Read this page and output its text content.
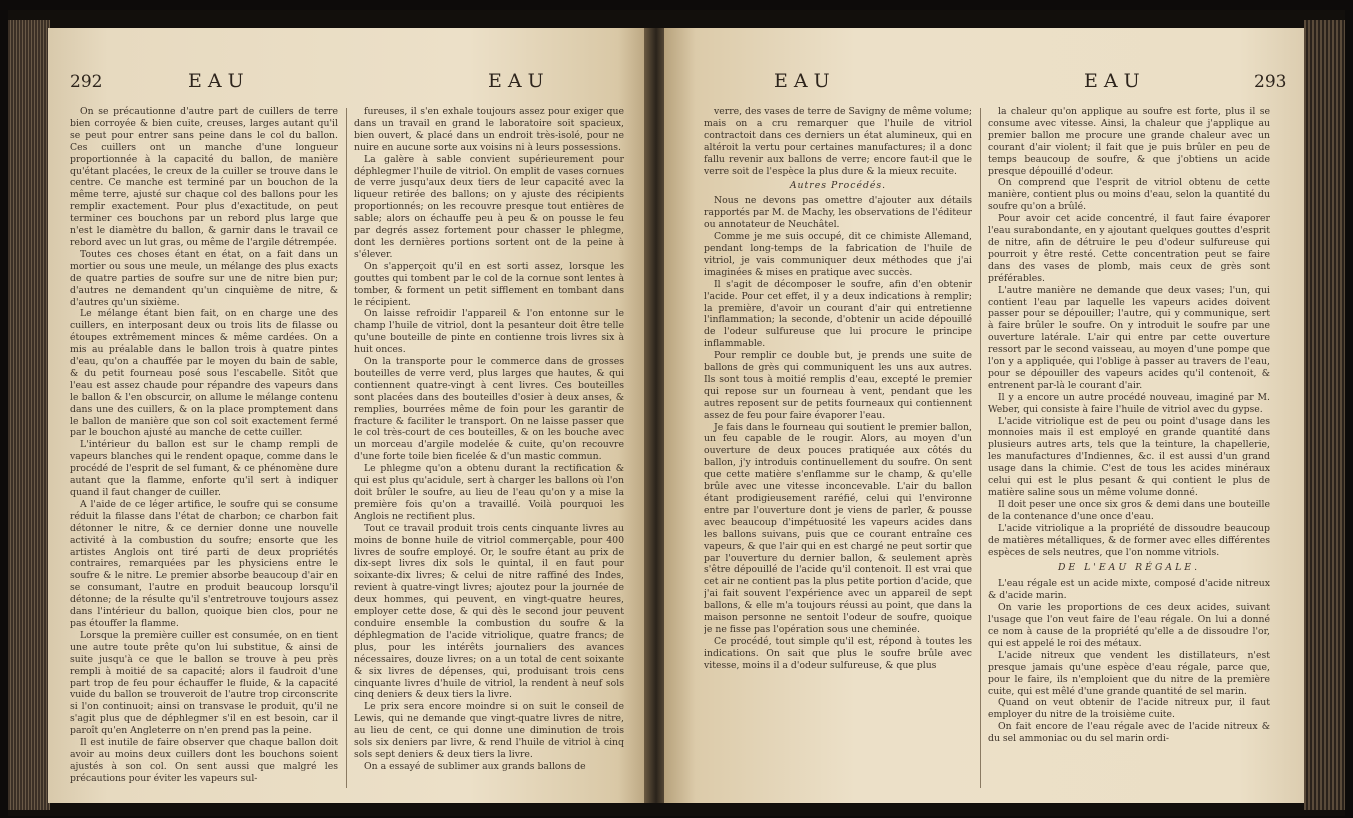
292	EAU	EAU

On se précautionne d'autre part de cuillers de terre bien corroyée & bien cuite, creuses, larges autant qu'il se peut pour entrer sans peine dans le col du ballon. Ces cuillers ont un manche d'une longueur proportionnée à la capacité du ballon, de manière qu'étant placées, le creux de la cuiller se trouve dans le centre. Ce manche est terminé par un bouchon de la même terre, ajusté sur chaque col des ballons pour les remplir exactement. Pour plus d'exactitude, on peut terminer ces bouchons par un rebord plus large que n'est le diamètre du ballon, & garnir dans le travail ce rebord avec un lut gras, ou même de l'argile détrempée.

Toutes ces choses étant en état, on a fait dans un mortier ou sous une meule, un mélange des plus exacts de quatre parties de soufre sur une de nitre bien pur; d'autres ne demandent qu'un cinquième de nitre, & d'autres qu'un sixième.

Le mélange étant bien fait, on en charge une des cuillers, en interposant deux ou trois lits de filasse ou étoupes extrêmement minces & même cardées. On a mis au préalable dans le ballon trois à quatre pintes d'eau, qu'on a chauffée par le moyen du bain de sable, & du petit fourneau posé sous l'escabelle. Sitôt que l'eau est assez chaude pour répandre des vapeurs dans le ballon & l'en obscurcir, on allume le mélange contenu dans une des cuillers, & on la place promptement dans le ballon de manière que son col soit exactement fermé par le bouchon ajusté au manche de cette cuiller.

L'intérieur du ballon est sur le champ rempli de vapeurs blanches qui le rendent opaque, comme dans le procédé de l'esprit de sel fumant, & ce phénomène dure autant que la flamme, enforte qu'il sert à indiquer quand il faut changer de cuiller.

A l'aide de ce léger artifice, le soufre qui se consume réduit la filasse dans l'état de charbon; ce charbon fait détonner le nitre, & ce dernier donne une nouvelle activité à la combustion du soufre; ensorte que les artistes Anglois ont tiré parti de deux propriétés contraires, remarquées par les physiciens entre le soufre & le nitre. Le premier absorbe beaucoup d'air en se consumant, l'autre en produit beaucoup lorsqu'il détonne; de la résulte qu'il s'entretrouve toujours assez dans l'intérieur du ballon, quoique bien clos, pour ne pas étouffer la flamme.

Lorsque la première cuiller est consumée, on en tient une autre toute prête qu'on lui substitue, & ainsi de suite jusqu'à ce que le ballon se trouve à peu près rempli à moitié de sa capacité; alors il faudroit d'une part trop de feu pour échauffer le fluide, & la capacité vuide du ballon se trouveroit de l'autre trop circonscrite si l'on continuoit; ainsi on transvase le produit, qu'il ne s'agit plus que de déphlegmer s'il en est besoin, car il paroît qu'en Angleterre on n'en prend pas la peine.

Il est inutile de faire observer que chaque ballon doit avoir au moins deux cuillers dont les bouchons soient ajustés à son col. On sent aussi que malgré les précautions pour éviter les vapeurs sul-

fureuses, il s'en exhale toujours assez pour exiger que dans un travail en grand le laboratoire soit spacieux, bien ouvert, & placé dans un endroit très-isolé, pour ne nuire en aucune sorte aux voisins ni à leurs possessions.

La galère à sable convient supérieurement pour déphlegmer l'huile de vitriol. On emplit de vases cornues de verre jusqu'aux deux tiers de leur capacité avec la liqueur retirée des ballons; on y ajuste des récipients proportionnés; on les recouvre presque tout entières de sable; alors on échauffe peu à peu & on pousse le feu par degrés assez fortement pour chasser le phlegme, dont les dernières portions sortent ont de la peine à s'élever.

On s'apperçoit qu'il en est sorti assez, lorsque les gouttes qui tombent par le col de la cornue sont lentes à tomber, & forment un petit sifflement en tombant dans le récipient.

On laisse refroidir l'appareil & l'on entonne sur le champ l'huile de vitriol, dont la pesanteur doit être telle qu'une bouteille de pinte en contienne trois livres six à huit onces.

On la transporte pour le commerce dans de grosses bouteilles de verre verd, plus larges que hautes, & qui contiennent quatre-vingt à cent livres. Ces bouteilles sont placées dans des bouteilles d'osier à deux anses, & remplies, bourrées même de foin pour les garantir de fracture & faciliter le transport. On ne laisse passer que le col très-court de ces bouteilles, & on les bouche avec un morceau d'argile modelée & cuite, qu'on recouvre d'une forte toile bien ficelée & d'un mastic commun.

Le phlegme qu'on a obtenu durant la rectification & qui est plus qu'acidule, sert à charger les ballons où l'on doit brûler le soufre, au lieu de l'eau qu'on y a mise la première fois qu'on a travaillé. Voilà pourquoi les Anglois ne rectifient plus.

Tout ce travail produit trois cents cinquante livres au moins de bonne huile de vitriol commerçable, pour 400 livres de soufre employé. Or, le soufre étant au prix de dix-sept livres dix sols le quintal, il en faut pour soixante-dix livres; & celui de nitre raffiné des Indes, revient à quatre-vingt livres; ajoutez pour la journée de deux hommes, qui peuvent, en vingt-quatre heures, employer cette dose, & qui dès le second jour peuvent conduire ensemble la combustion du soufre & la déphlegmation de l'acide vitriolique, quatre francs; de plus, pour les intérêts journaliers des avances nécessaires, douze livres; on a un total de cent soixante & six livres de dépenses, qui, produisant trois cens cinquante livres d'huile de vitriol, la rendent à neuf sols cinq deniers & deux tiers la livre.

Le prix sera encore moindre si on suit le conseil de Lewis, qui ne demande que vingt-quatre livres de nitre, au lieu de cent, ce qui donne une diminution de trois sols six deniers par livre, & rend l'huile de vitriol à cinq sols sept deniers & deux tiers la livre.

On a essayé de sublimer aux grands ballons de

EAU	EAU	293

verre, des vases de terre de Savigny de même volume; mais on a cru remarquer que l'huile de vitriol contractoit dans ces derniers un état alumineux, qui en altéroit la vertu pour certaines manufactures; il a donc fallu revenir aux ballons de verre; encore faut-il que le verre soit de l'espèce la plus dure & la mieux recuite.

Autres Procédés.

Nous ne devons pas omettre d'ajouter aux détails rapportés par M. de Machy, les observations de l'éditeur ou annotateur de Neuchâtel.

Comme je me suis occupé, dit ce chimiste Allemand, pendant long-temps de la fabrication de l'huile de vitriol, je vais communiquer deux méthodes que j'ai imaginées & mises en pratique avec succès.

Il s'agit de décomposer le soufre, afin d'en obtenir l'acide. Pour cet effet, il y a deux indications à remplir; la première, d'avoir un courant d'air qui entretienne l'inflammation; la seconde, d'obtenir un acide dépouillé de l'odeur sulfureuse que lui procure le principe inflammable.

Pour remplir ce double but, je prends une suite de ballons de grès qui communiquent les uns aux autres. Ils sont tous à moitié remplis d'eau, excepté le premier qui repose sur un fourneau à vent, pendant que les autres reposent sur de petits fourneaux qui contiennent assez de feu pour faire évaporer l'eau.

Je fais dans le fourneau qui soutient le premier ballon, un feu capable de le rougir. Alors, au moyen d'un ouverture de deux pouces pratiquée aux côtés du ballon, j'y introduis continuellement du soufre. On sent que cette matière s'enflamme sur le champ, & qu'elle brûle avec une vitesse inconcevable. L'air du ballon étant prodigieusement raréfié, celui qui l'environne entre par l'ouverture dont je viens de parler, & pousse avec beaucoup d'impétuosité les vapeurs acides dans les ballons suivans, puis que ce courant entraîne ces vapeurs, & que l'air qui en est chargé ne peut sortir que par l'ouverture du dernier ballon, & seulement après s'être dépouillé de l'acide qu'il contenoit. Il est vrai que cet air ne contient pas la plus petite portion d'acide, que j'ai fait souvent l'expérience avec un appareil de sept ballons, & elle m'a toujours réussi au point, que dans la maison personne ne sentoit l'odeur de soufre, quoique je ne fisse pas l'opération sous une cheminée.

Ce procédé, tout simple qu'il est, répond à toutes les indications. On sait que plus le soufre brûle avec vitesse, moins il a d'odeur sulfureuse, & que plus

la chaleur qu'on applique au soufre est forte, plus il se consume avec vitesse. Ainsi, la chaleur que j'applique au premier ballon me procure une grande chaleur avec un courant d'air violent; il fait que je puis brûler en peu de temps beaucoup de soufre, & que j'obtiens un acide presque dépouillé d'odeur.

On comprend que l'esprit de vitriol obtenu de cette manière, contient plus ou moins d'eau, selon la quantité du soufre qu'on a brûlé.

Pour avoir cet acide concentré, il faut faire évaporer l'eau surabondante, en y ajoutant quelques gouttes d'esprit de nitre, afin de détruire le peu d'odeur sulfureuse qui pourroit y être resté. Cette concentration peut se faire dans des vases de plomb, mais ceux de grès sont préférables.

L'autre manière ne demande que deux vases; l'un, qui contient l'eau par laquelle les vapeurs acides doivent passer pour se dépouiller; l'autre, qui y communique, sert à faire brûler le soufre. On y introduit le soufre par une ouverture latérale. L'air qui entre par cette ouverture ressort par le second vaisseau, au moyen d'une pompe que l'on y a appliquée, qui l'oblige à passer au travers de l'eau, pour se dépouiller des vapeurs acides qu'il contenoit, & entrenent par-là le courant d'air.

Il y a encore un autre procédé nouveau, imaginé par M. Weber, qui consiste à faire l'huile de vitriol avec du gypse.

L'acide vitriolique est de peu ou point d'usage dans les monnoies mais il est employé en grande quantité dans plusieurs autres arts, tels que la teinture, la chapellerie, les manufactures d'Indiennes, &c. il est aussi d'un grand usage dans la chimie. C'est de tous les acides minéraux celui qui est le plus pesant & qui contient le plus de matière saline sous un même volume donné.

Il doit peser une once six gros & demi dans une bouteille de la contenance d'une once d'eau.

L'acide vitriolique a la propriété de dissoudre beaucoup de matières métalliques, & de former avec elles différentes espèces de sels neutres, que l'on nomme vitriols.

DE L'EAU RÉGALE.

L'eau régale est un acide mixte, composé d'acide nitreux & d'acide marin.

On varie les proportions de ces deux acides, suivant l'usage que l'on veut faire de l'eau régale. On lui a donné ce nom à cause de la propriété qu'elle a de dissoudre l'or, qui est appelé le roi des métaux.

L'acide nitreux que vendent les distillateurs, n'est presque jamais qu'une espèce d'eau régale, parce que, pour le faire, ils n'emploient que du nitre de la première cuite, qui est mêlé d'une grande quantité de sel marin.

Quand on veut obtenir de l'acide nitreux pur, il faut employer du nitre de la troisième cuite.

On fait encore de l'eau régale avec de l'acide nitreux & du sel ammoniac ou du sel marin ordi-
